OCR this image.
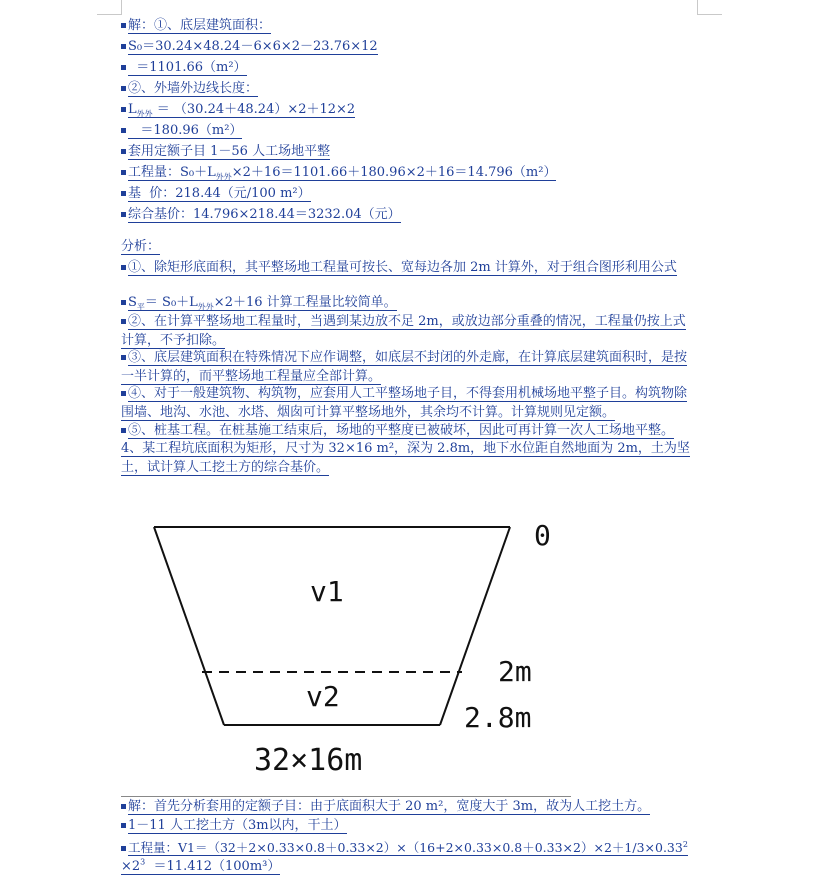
解：①、底层建筑面积：
S₀＝30.24×48.24－6×6×2－23.76×12
＝1101.66（m²）
②、外墙外边线长度：
$L_{外外} = (30.24+48.24)\times 2+12\times 2$
＝180.96（m²）
套用定额子目 1－56 人工场地平整
工程量：$S_0+L_{外外}\times 2+16=1101.66+180.96\times 2+16=14.796(m^2)$
基  价：218.44（元/100 m²）
综合基价：14.796×218.44＝3232.04（元）
分析：
①、除矩形底面积，其平整场地工程量可按长、宽每边各加 2m 计算外，对于组合图形利用公式
$S_平= S_0+L_{外外}\times 2+16$ 计算工程量比较简单。
②、在计算平整场地工程量时，当遇到某边放不足 2m，或放边部分重叠的情况，工程量仍按上式计算，不予扣除。
③、底层建筑面积在特殊情况下应作调整，如底层不封闭的外走廊，在计算底层建筑面积时，是按一半计算的，而平整场地工程量应全部计算。
④、对于一般建筑物、构筑物，应套用人工平整场地子目，不得套用机械场地平整子目。构筑物除围墙、地沟、水池、水塔、烟囱可计算平整场地外，其余均不计算。计算规则见定额。
⑤、桩基工程。在桩基施工结束后，场地的平整度已被破坏，因此可再计算一次人工场地平整。
4、某工程坑底面积为矩形，尺寸为 32×16 m²，深为 2.8m，地下水位距自然地面为 2m，土为坚土，试计算人工挖土方的综合基价。
0
v1
v2
2m
2.8m
32×16m
解：首先分析套用的定额子目：由于底面积大于 20 m²，宽度大于 3m，故为人工挖土方。
1－11 人工挖土方（3m以内，干土）
工程量：$V1=(32+2\times 0.33\times 0.8+0.33\times 2)\times(16+2\times 0.33\times 0.8+0.33\times 2)\times 2+1/3\times 0.33^2$
$\times 2^3 =11.412(100m^3)$
